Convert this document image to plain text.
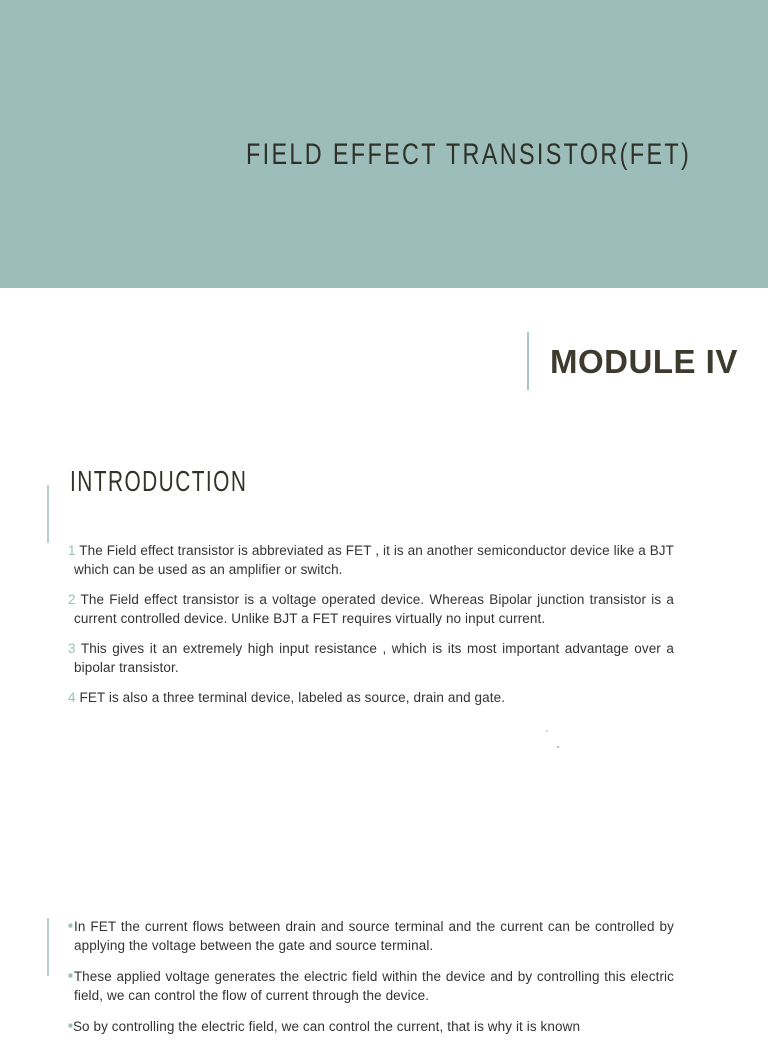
FIELD EFFECT TRANSISTOR(FET)
MODULE IV
INTRODUCTION
1 The Field effect transistor is abbreviated as FET , it is an another semiconductor device like a BJT which can be used as an amplifier or switch.
2 The Field effect transistor is a voltage operated device. Whereas Bipolar junction transistor is a current controlled device. Unlike BJT a FET requires virtually no input current.
3 This gives it an extremely high input resistance , which is its most important advantage over a bipolar transistor.
4 FET is also a three terminal device, labeled as source, drain and gate.
■In FET the current flows between drain and source terminal and the current can be controlled by applying the voltage between the gate and source terminal.
■These applied voltage generates the electric field within the device and by controlling this electric field, we can control the flow of current through the device.
■So by controlling the electric field, we can control the current, that is why it is known
